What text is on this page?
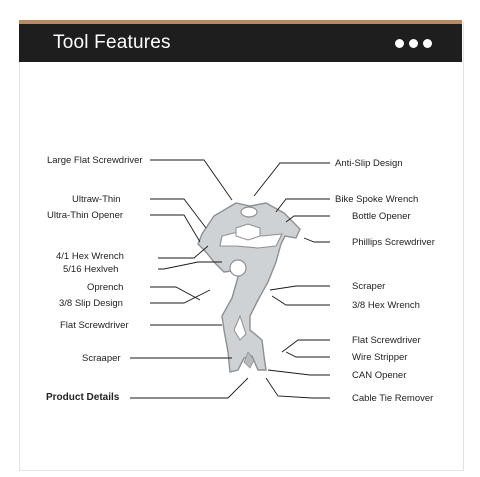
Tool Features
Large Flat Screwdriver
Ultraw-Thin
Ultra-Thin Opener
4/1 Hex Wrench
5/16 Hexlveh
Oprench
3/8 Slip Design
Flat Screwdriver
Scraaper
Product Details
Anti-Slip Design
Bike Spoke Wrench
Bottle Opener
Phillips Screwdriver
Scraper
3/8 Hex Wrench
Flat Screwdriver
Wire Stripper
CAN Opener
Cable Tie Remover
